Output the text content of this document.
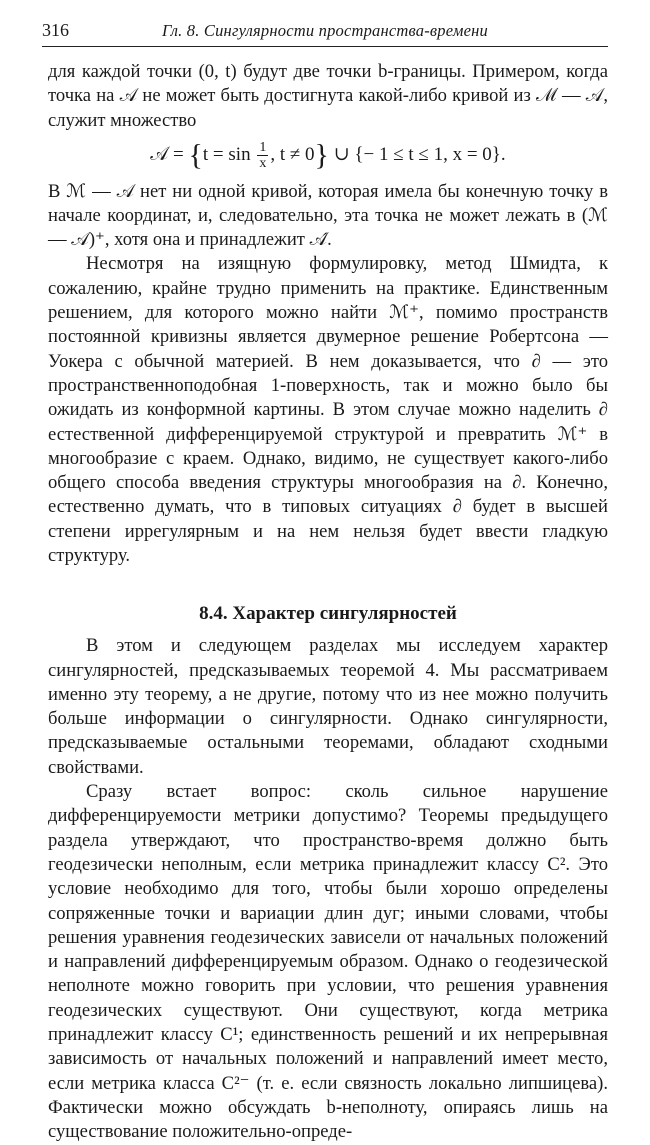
316	Гл. 8. Сингулярности пространства-времени

для каждой точки (0, t) будут две точки b-границы. Примером, когда точка на 𝒜 не может быть достигнута какой-либо кривой из ℳ — 𝒜, служит множество

𝒜 = {$t = \sin \frac{1}{x}$ , t ≠ 0} ∪ {− 1 ≤ t ≤ 1, x = 0}.

В ℳ — 𝒜 нет ни одной кривой, которая имела бы конечную точку в начале координат, и, следовательно, эта точка не может лежать в (ℳ — 𝒜)⁺, хотя она и принадлежит 𝒜́.

Несмотря на изящную формулировку, метод Шмидта, к сожалению, крайне трудно применить на практике. Единственным решением, для которого можно найти ℳ⁺, помимо пространств постоянной кривизны является двумерное решение Робертсона — Уокера с обычной материей. В нем доказывается, что ∂ — это пространственноподобная 1-поверхность, так и можно было бы ожидать из конформной картины. В этом случае можно наделить ∂ естественной дифференцируемой структурой и превратить ℳ⁺ в многообразие с краем. Однако, видимо, не существует какого-либо общего способа введения структуры многообразия на ∂. Конечно, естественно думать, что в типовых ситуациях ∂ будет в высшей степени иррегулярным и на нем нельзя будет ввести гладкую структуру.

8.4. Характер сингулярностей

В этом и следующем разделах мы исследуем характер сингулярностей, предсказываемых теоремой 4. Мы рассматриваем именно эту теорему, а не другие, потому что из нее можно получить больше информации о сингулярности. Однако сингулярности, предсказываемые остальными теоремами, обладают сходными свойствами.

Сразу встает вопрос: сколь сильное нарушение дифференцируемости метрики допустимо? Теоремы предыдущего раздела утверждают, что пространство-время должно быть геодезически неполным, если метрика принадлежит классу C². Это условие необходимо для того, чтобы были хорошо определены сопряженные точки и вариации длин дуг; иными словами, чтобы решения уравнения геодезических зависели от начальных положений и направлений дифференцируемым образом. Однако о геодезической неполноте можно говорить при условии, что решения уравнения геодезических существуют. Они существуют, когда метрика принадлежит классу C¹; единственность решений и их непрерывная зависимость от начальных положений и направлений имеет место, если метрика класса C²⁻ (т. е. если связность локально липшицева). Фактически можно обсуждать b-неполноту, опираясь лишь на существование положительно-опреде-
